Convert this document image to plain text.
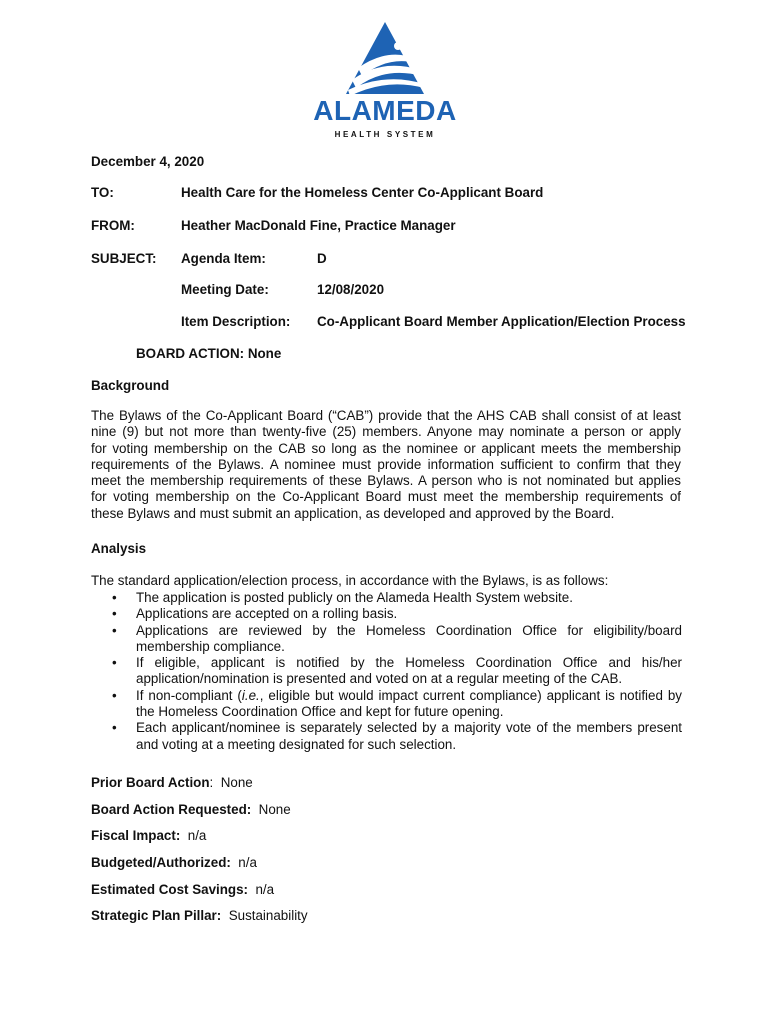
ALAMEDA
HEALTH SYSTEM
December 4, 2020
TO:	Health Care for the Homeless Center Co-Applicant Board
FROM:	Heather MacDonald Fine, Practice Manager
SUBJECT: Agenda Item:	D
Meeting Date:	12/08/2020
Item Description: Co-Applicant Board Member Application/Election Process
BOARD ACTION: None
Background
The Bylaws of the Co-Applicant Board (“CAB”) provide that the AHS CAB shall consist of at least
nine (9) but not more than twenty-five (25) members. Anyone may nominate a person or apply
for voting membership on the CAB so long as the nominee or applicant meets the membership
requirements of the Bylaws. A nominee must provide information sufficient to confirm that they
meet the membership requirements of these Bylaws. A person who is not nominated but applies
for voting membership on the Co-Applicant Board must meet the membership requirements of
these Bylaws and must submit an application, as developed and approved by the Board.
Analysis
The standard application/election process, in accordance with the Bylaws, is as follows:
• The application is posted publicly on the Alameda Health System website.
• Applications are accepted on a rolling basis.
• Applications are reviewed by the Homeless Coordination Office for eligibility/board
membership compliance.
• If eligible, applicant is notified by the Homeless Coordination Office and his/her
application/nomination is presented and voted on at a regular meeting of the CAB.
• If non-compliant (i.e., eligible but would impact current compliance) applicant is notified by
the Homeless Coordination Office and kept for future opening.
• Each applicant/nominee is separately selected by a majority vote of the members present
and voting at a meeting designated for such selection.
Prior Board Action: None
Board Action Requested: None
Fiscal Impact: n/a
Budgeted/Authorized: n/a
Estimated Cost Savings: n/a
Strategic Plan Pillar: Sustainability
